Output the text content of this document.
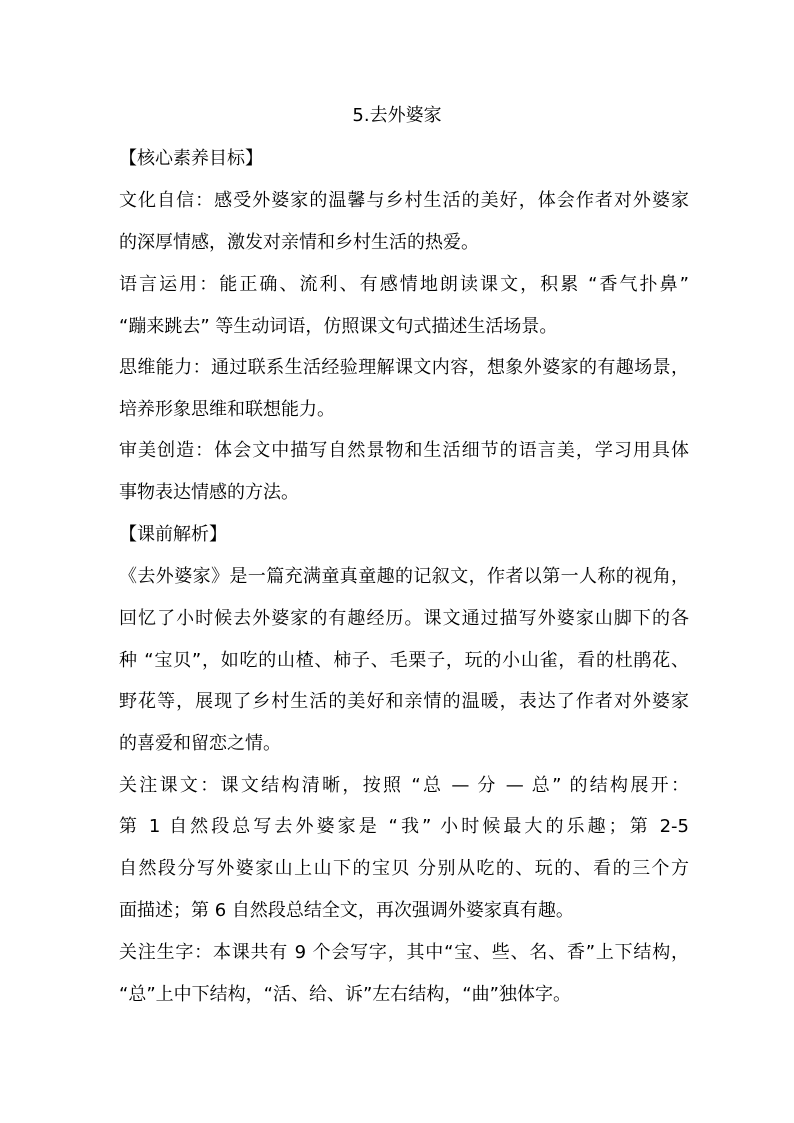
5.去外婆家
【核心素养目标】
文化自信：感受外婆家的温馨与乡村生活的美好，体会作者对外婆家
的深厚情感，激发对亲情和乡村生活的热爱。
语言运用：能正确、流利、有感情地朗读课文，积累 “香气扑鼻”
“蹦来跳去” 等生动词语，仿照课文句式描述生活场景。
思维能力：通过联系生活经验理解课文内容，想象外婆家的有趣场景，
培养形象思维和联想能力。
审美创造：体会文中描写自然景物和生活细节的语言美，学习用具体
事物表达情感的方法。
【课前解析】
《去外婆家》是一篇充满童真童趣的记叙文，作者以第一人称的视角，
回忆了小时候去外婆家的有趣经历。课文通过描写外婆家山脚下的各
种 “宝贝”，如吃的山楂、柿子、毛栗子，玩的小山雀，看的杜鹃花、
野花等，展现了乡村生活的美好和亲情的温暖，表达了作者对外婆家
的喜爱和留恋之情。
关注课文：课文结构清晰，按照 “总 — 分 — 总” 的结构展开：
第 1 自然段总写去外婆家是 “我” 小时候最大的乐趣；第 2-5
自然段分写外婆家山上山下的宝贝 分别从吃的、玩的、看的三个方
面描述；第 6 自然段总结全文，再次强调外婆家真有趣。
关注生字：本课共有 9 个会写字，其中“宝、些、名、香”上下结构，
“总”上中下结构，“活、给、诉”左右结构，“曲”独体字。
